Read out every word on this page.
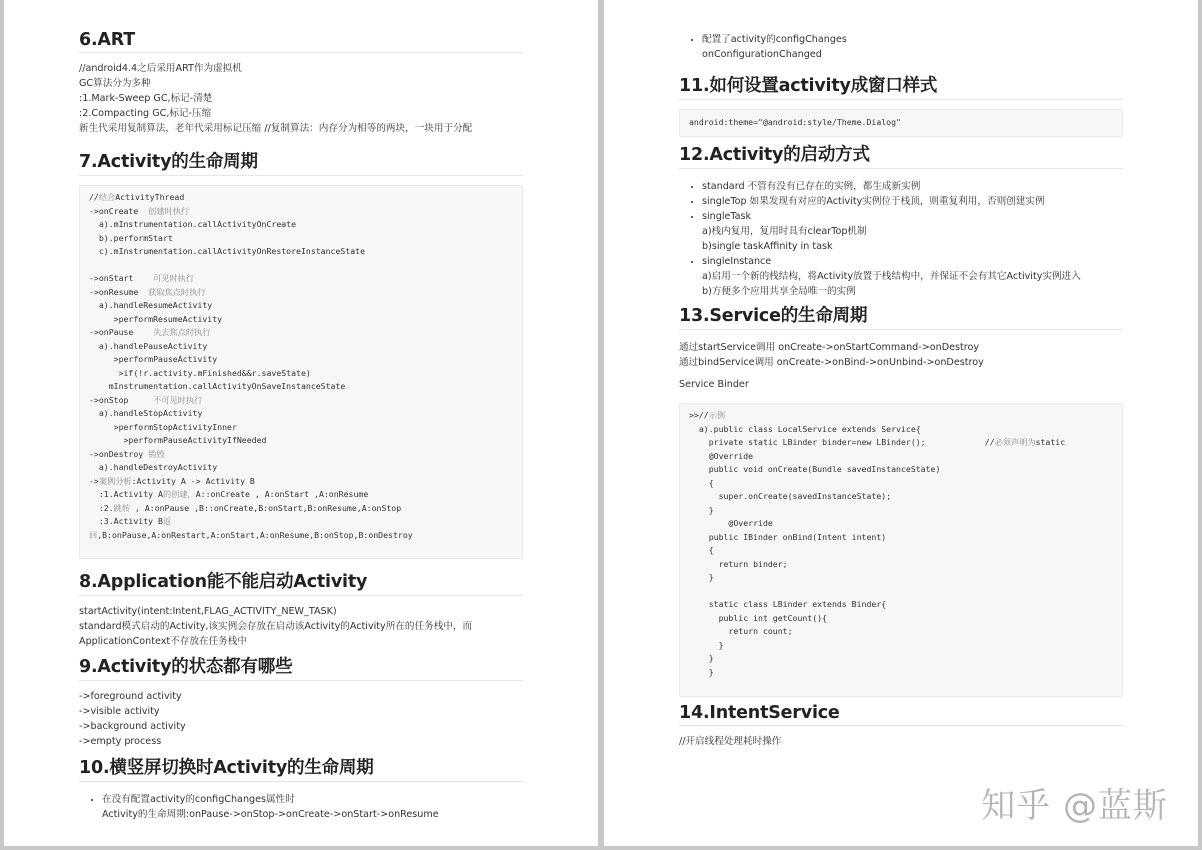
6.ART
//android4.4之后采用ART作为虚拟机
GC算法分为多种
:1.Mark-Sweep GC,标记-清楚
:2.Compacting GC,标记-压缩
新生代采用复制算法，老年代采用标记压缩 //复制算法：内存分为相等的两块，一块用于分配
7.Activity的生命周期
//结合ActivityThread
->onCreate  创建时执行
a).mInstrumentation.callActivityOnCreate
b).performStart
c).mInstrumentation.callActivityOnRestoreInstanceState

->onStart    可见时执行
->onResume  获取焦点时执行
a).handleResumeActivity
>performResumeActivity
->onPause    失去焦点时执行
a).handlePauseActivity
>performPauseActivity
>if(!r.activity.mFinished&&r.saveState)
mInstrumentation.callActivityOnSaveInstanceState
->onStop     不可见时执行
a).handleStopActivity
>performStopActivityInner
>performPauseActivityIfNeeded
->onDestroy 销毁
a).handleDestroyActivity
->案例分析:Activity A -> Activity B
:1.Activity A的创建，A::onCreate , A:onStart ,A:onResume
:2.跳转 , A:onPause ,B::onCreate,B:onStart,B:onResume,A:onStop
:3.Activity B返
回,B:onPause,A:onRestart,A:onStart,A:onResume,B:onStop,B:onDestroy
8.Application能不能启动Activity
startActivity(intent:Intent,FLAG_ACTIVITY_NEW_TASK)
standard模式启动的Activity,该实例会存放在启动该Activity的Activity所在的任务栈中，而
ApplicationContext不存放在任务栈中
9.Activity的状态都有哪些
->foreground activity
->visible activity
->background activity
->empty process
10.横竖屏切换时Activity的生命周期
• 在没有配置activity的configChanges属性时
Activity的生命周期:onPause->onStop->onCreate->onStart->onResume
• 配置了activity的configChanges
onConfigurationChanged
11.如何设置activity成窗口样式
android:theme="@android:style/Theme.Dialog"
12.Activity的启动方式
• standard 不管有没有已存在的实例，都生成新实例
• singleTop 如果发现有对应的Activity实例位于栈顶，则重复利用，否则创建实例
• singleTask
a)栈内复用，复用时具有clearTop机制
b)single taskAffinity in task
• singleInstance
a)启用一个新的栈结构，将Activity放置于栈结构中，并保证不会有其它Activity实例进入
b)方便多个应用共享全局唯一的实例
13.Service的生命周期
通过startService调用 onCreate->onStartCommand->onDestroy
通过bindService调用 onCreate->onBind->onUnbind->onDestroy
Service Binder
>>//示例
a).public class LocalService extends Service{
private static LBinder binder=new LBinder();            //必须声明为static
@Override
public void onCreate(Bundle savedInstanceState)
{
super.onCreate(savedInstanceState);
}
@Override
public IBinder onBind(Intent intent)
{
return binder;
}

static class LBinder extends Binder{
public int getCount(){
return count;
}
}
}
14.IntentService
//开启线程处理耗时操作
知乎 @蓝斯
